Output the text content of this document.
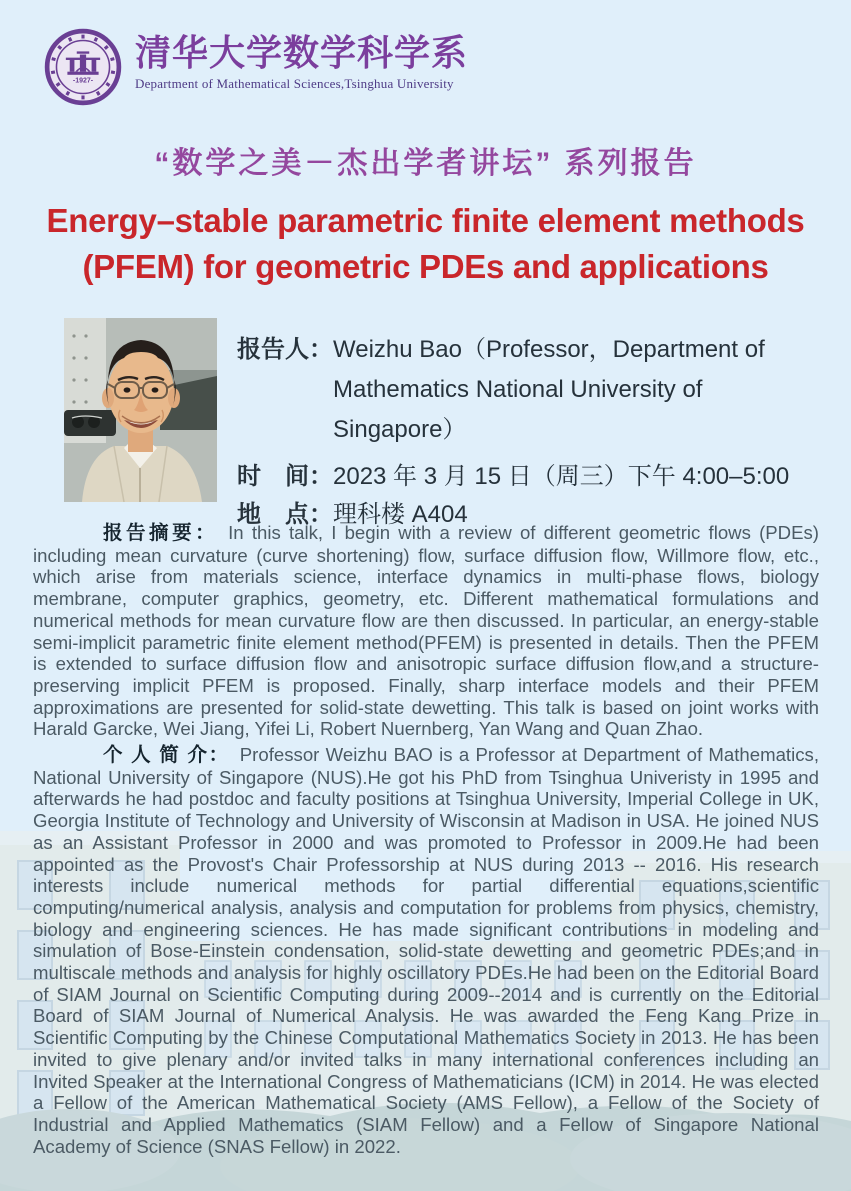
-1927-
清华大学数学科学系
Department of Mathematical Sciences,Tsinghua University
“数学之美－杰出学者讲坛” 系列报告
Energy–stable parametric finite element methods
(PFEM) for geometric PDEs and applications
报告人： Weizhu Bao（Professor，Department of
Mathematics National University of Singapore）
时　间： 2023 年 3 月 15 日（周三）下午 4:00–5:00
地　点： 理科楼 A404

报告摘要： In this talk, I begin with a review of different geometric flows (PDEs) including mean curvature (curve shortening) flow, surface diffusion flow, Willmore flow, etc., which arise from materials science, interface dynamics in multi-phase flows, biology membrane, computer graphics, geometry, etc. Different mathematical formulations and numerical methods for mean curvature flow are then discussed. In particular, an energy-stable semi-implicit parametric finite element method(PFEM) is presented in details. Then the PFEM is extended to surface diffusion flow and anisotropic surface diffusion flow,and a structure-preserving implicit PFEM is proposed. Finally, sharp interface models and their PFEM approximations are presented for solid-state dewetting. This talk is based on joint works with Harald Garcke, Wei Jiang, Yifei Li, Robert Nuernberg, Yan Wang and Quan Zhao.

个 人 简 介： Professor Weizhu BAO is a Professor at Department of Mathematics, National University of Singapore (NUS).He got his PhD from Tsinghua Univeristy in 1995 and afterwards he had postdoc and faculty positions at Tsinghua University, Imperial College in UK, Georgia Institute of Technology and University of Wisconsin at Madison in USA. He joined NUS as an Assistant Professor in 2000 and was promoted to Professor in 2009.He had been appointed as the Provost's Chair Professorship at NUS during 2013 -- 2016. His research interests include numerical methods for partial differential equations,scientific computing/numerical analysis, analysis and computation for problems from physics, chemistry, biology and engineering sciences. He has made significant contributions in modeling and simulation of Bose-Einstein condensation, solid-state dewetting and geometric PDEs;and in multiscale methods and analysis for highly oscillatory PDEs.He had been on the Editorial Board of SIAM Journal on Scientific Computing during 2009--2014 and is currently on the Editorial Board of SIAM Journal of Numerical Analysis. He was awarded the Feng Kang Prize in Scientific Computing by the Chinese Computational Mathematics Society in 2013. He has been invited to give plenary and/or invited talks in many international conferences including an Invited Speaker at the International Congress of Mathematicians (ICM) in 2014. He was elected a Fellow of the American Mathematical Society (AMS Fellow), a Fellow of the Society of Industrial and Applied Mathematics (SIAM Fellow) and a Fellow of Singapore National Academy of Science (SNAS Fellow) in 2022.
